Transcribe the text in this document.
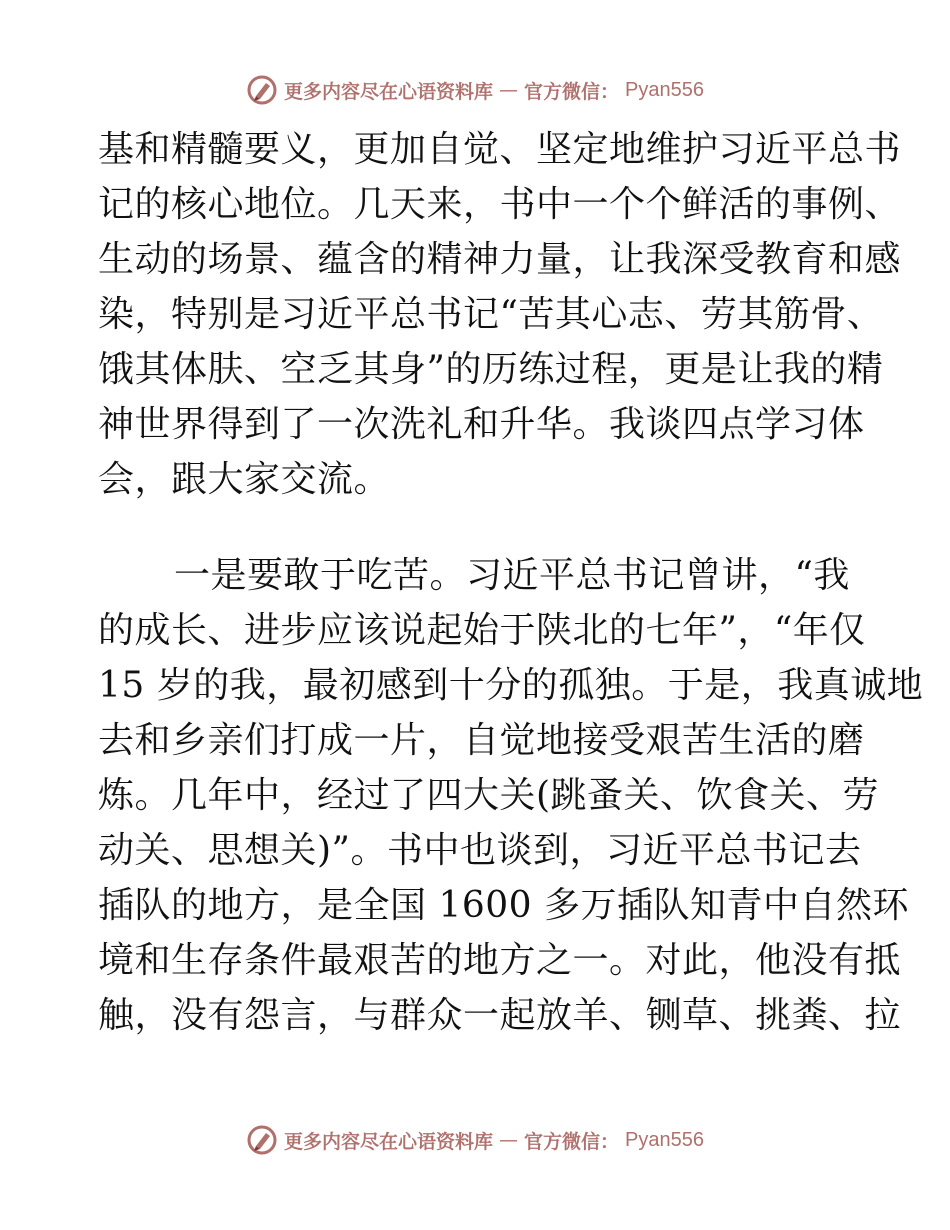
更多内容尽在心语资料库 — 官方微信： Pyan556
基和精髓要义，更加自觉、坚定地维护习近平总书
记的核心地位。几天来，书中一个个鲜活的事例、
生动的场景、蕴含的精神力量，让我深受教育和感
染，特别是习近平总书记“苦其心志、劳其筋骨、
饿其体肤、空乏其身”的历练过程，更是让我的精
神世界得到了一次洗礼和升华。我谈四点学习体
会，跟大家交流。
一是要敢于吃苦。习近平总书记曾讲，“我
的成长、进步应该说起始于陕北的七年”，“年仅
15 岁的我，最初感到十分的孤独。于是，我真诚地
去和乡亲们打成一片，自觉地接受艰苦生活的磨
炼。几年中，经过了四大关(跳蚤关、饮食关、劳
动关、思想关)”。书中也谈到，习近平总书记去
插队的地方，是全国 1600 多万插队知青中自然环
境和生存条件最艰苦的地方之一。对此，他没有抵
触，没有怨言，与群众一起放羊、铡草、挑粪、拉
更多内容尽在心语资料库 — 官方微信： Pyan556
